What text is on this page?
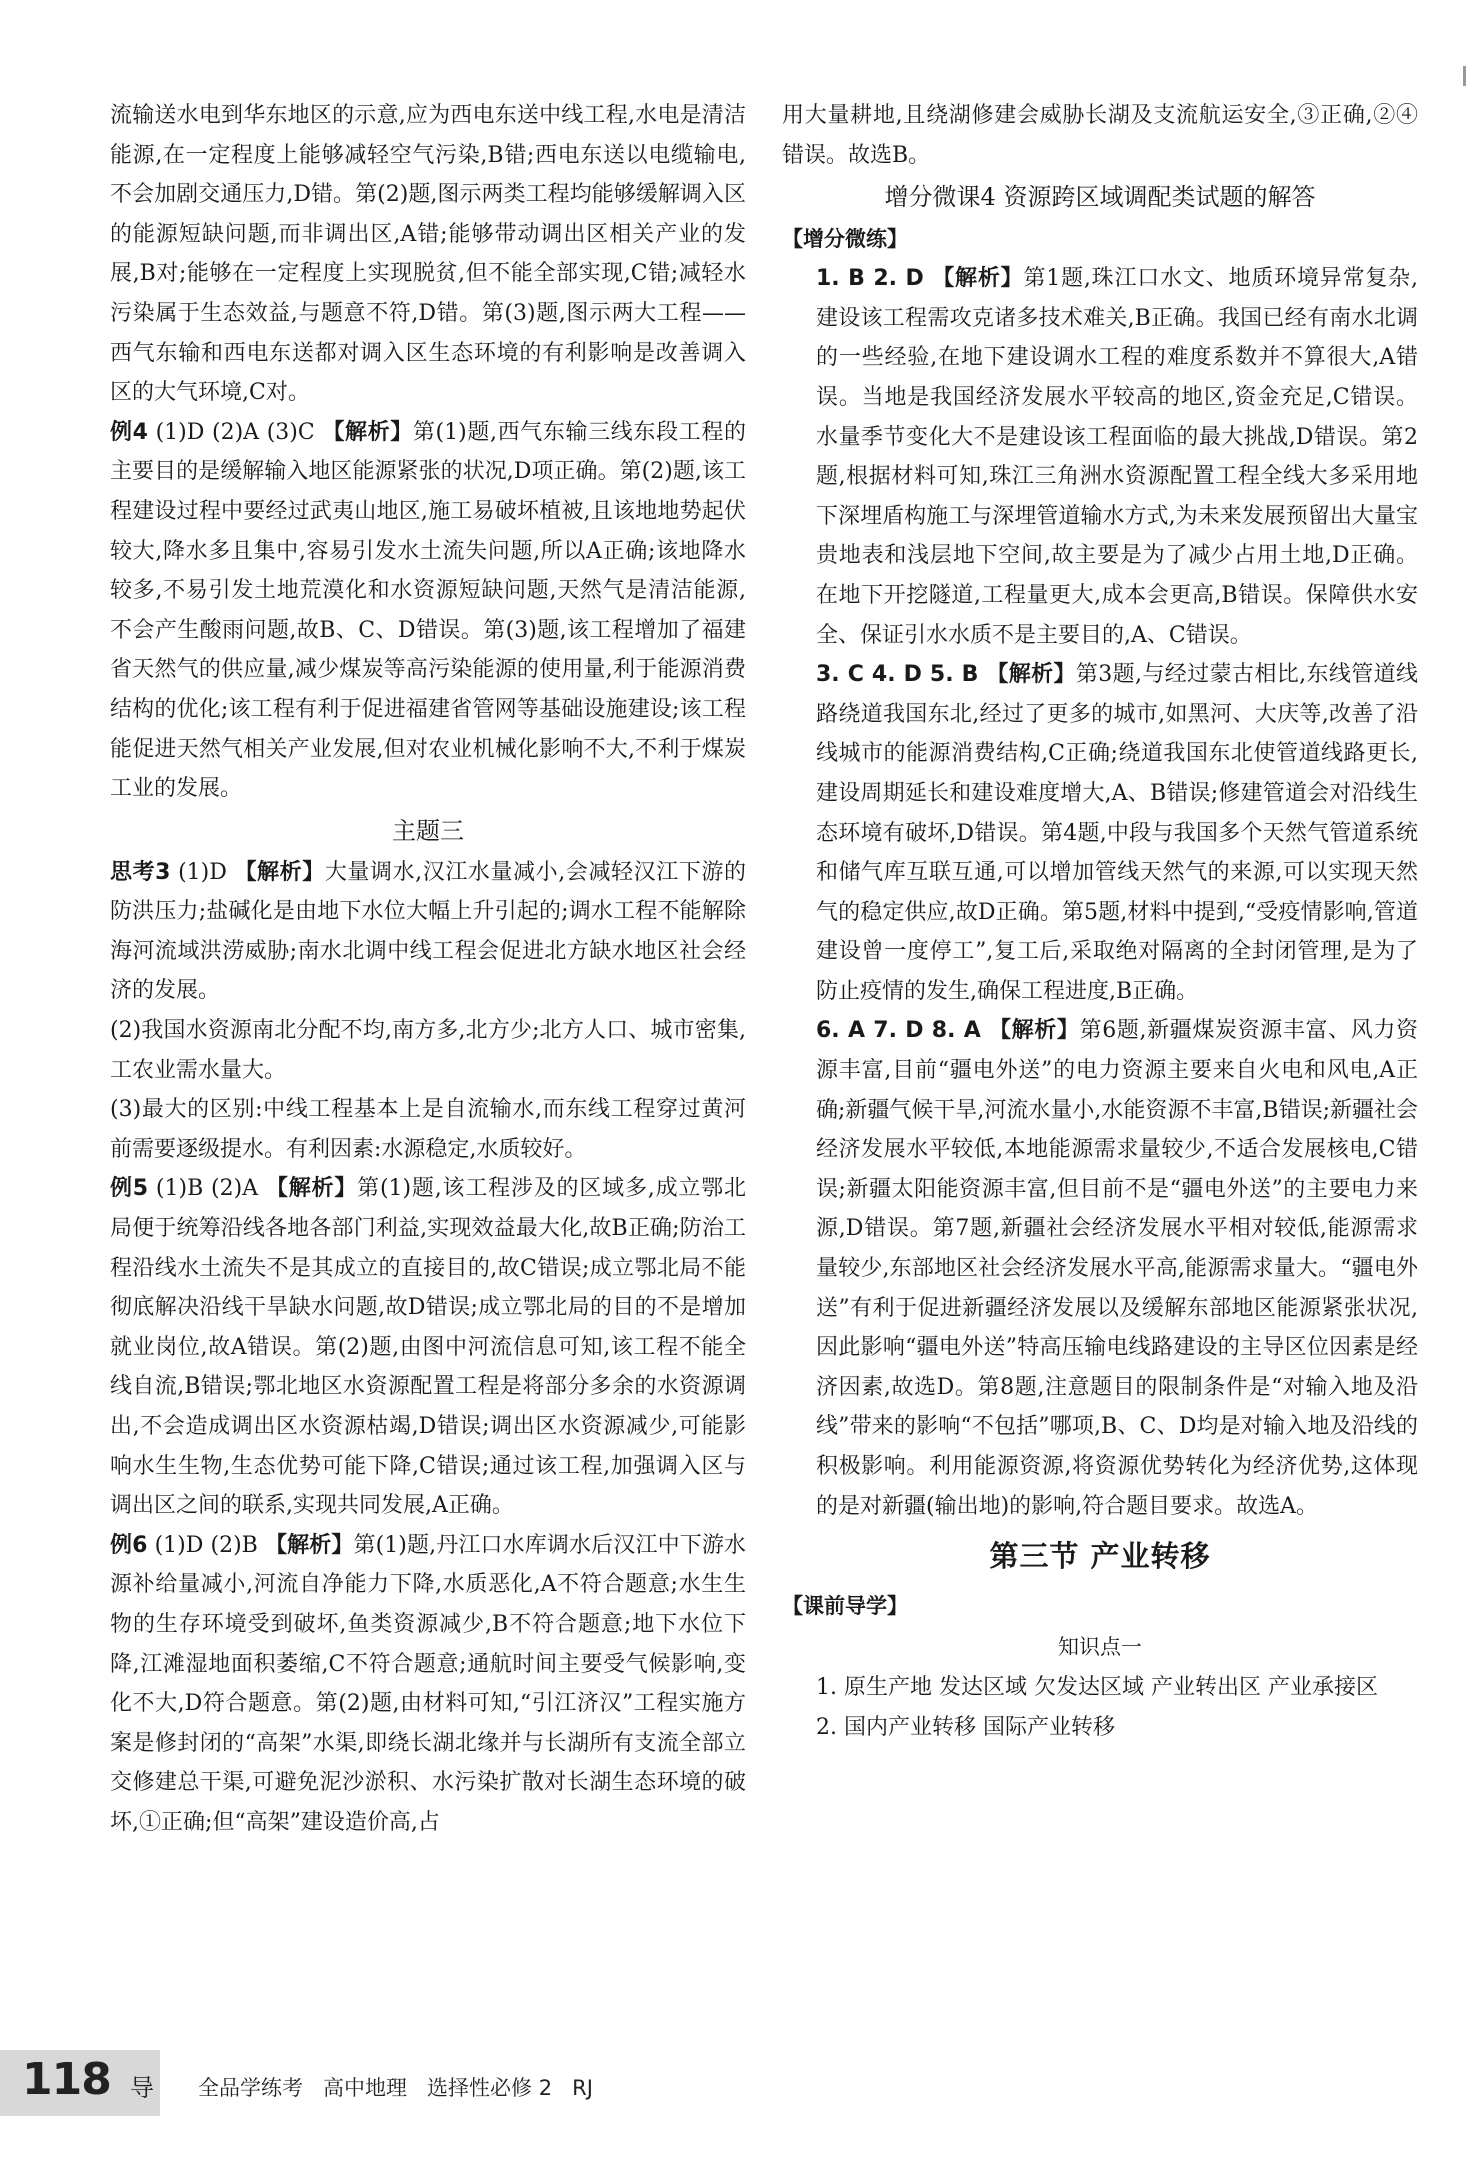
流输送水电到华东地区的示意,应为西电东送中线工程,水电是清洁能源,在一定程度上能够减轻空气污染,B错;西电东送以电缆输电,不会加剧交通压力,D错。第(2)题,图示两类工程均能够缓解调入区的能源短缺问题,而非调出区,A错;能够带动调出区相关产业的发展,B对;能够在一定程度上实现脱贫,但不能全部实现,C错;减轻水污染属于生态效益,与题意不符,D错。第(3)题,图示两大工程——西气东输和西电东送都对调入区生态环境的有利影响是改善调入区的大气环境,C对。

例4 (1)D (2)A (3)C 【解析】第(1)题,西气东输三线东段工程的主要目的是缓解输入地区能源紧张的状况,D项正确。第(2)题,该工程建设过程中要经过武夷山地区,施工易破坏植被,且该地地势起伏较大,降水多且集中,容易引发水土流失问题,所以A正确;该地降水较多,不易引发土地荒漠化和水资源短缺问题,天然气是清洁能源,不会产生酸雨问题,故B、C、D错误。第(3)题,该工程增加了福建省天然气的供应量,减少煤炭等高污染能源的使用量,利于能源消费结构的优化;该工程有利于促进福建省管网等基础设施建设;该工程能促进天然气相关产业发展,但对农业机械化影响不大,不利于煤炭工业的发展。

主题三

思考3 (1)D 【解析】大量调水,汉江水量减小,会减轻汉江下游的防洪压力;盐碱化是由地下水位大幅上升引起的;调水工程不能解除海河流域洪涝威胁;南水北调中线工程会促进北方缺水地区社会经济的发展。

(2)我国水资源南北分配不均,南方多,北方少;北方人口、城市密集,工农业需水量大。

(3)最大的区别:中线工程基本上是自流输水,而东线工程穿过黄河前需要逐级提水。有利因素:水源稳定,水质较好。

例5 (1)B (2)A 【解析】第(1)题,该工程涉及的区域多,成立鄂北局便于统筹沿线各地各部门利益,实现效益最大化,故B正确;防治工程沿线水土流失不是其成立的直接目的,故C错误;成立鄂北局不能彻底解决沿线干旱缺水问题,故D错误;成立鄂北局的目的不是增加就业岗位,故A错误。第(2)题,由图中河流信息可知,该工程不能全线自流,B错误;鄂北地区水资源配置工程是将部分多余的水资源调出,不会造成调出区水资源枯竭,D错误;调出区水资源减少,可能影响水生生物,生态优势可能下降,C错误;通过该工程,加强调入区与调出区之间的联系,实现共同发展,A正确。

例6 (1)D (2)B 【解析】第(1)题,丹江口水库调水后汉江中下游水源补给量减小,河流自净能力下降,水质恶化,A不符合题意;水生生物的生存环境受到破坏,鱼类资源减少,B不符合题意;地下水位下降,江滩湿地面积萎缩,C不符合题意;通航时间主要受气候影响,变化不大,D符合题意。第(2)题,由材料可知,“引江济汉”工程实施方案是修封闭的“高架”水渠,即绕长湖北缘并与长湖所有支流全部立交修建总干渠,可避免泥沙淤积、水污染扩散对长湖生态环境的破坏,①正确;但“高架”建设造价高,占

用大量耕地,且绕湖修建会威胁长湖及支流航运安全,③正确,②④错误。故选B。

增分微课4 资源跨区域调配类试题的解答

【增分微练】

1. B 2. D 【解析】第1题,珠江口水文、地质环境异常复杂,建设该工程需攻克诸多技术难关,B正确。我国已经有南水北调的一些经验,在地下建设调水工程的难度系数并不算很大,A错误。当地是我国经济发展水平较高的地区,资金充足,C错误。水量季节变化大不是建设该工程面临的最大挑战,D错误。第2题,根据材料可知,珠江三角洲水资源配置工程全线大多采用地下深埋盾构施工与深埋管道输水方式,为未来发展预留出大量宝贵地表和浅层地下空间,故主要是为了减少占用土地,D正确。在地下开挖隧道,工程量更大,成本会更高,B错误。保障供水安全、保证引水水质不是主要目的,A、C错误。

3. C 4. D 5. B 【解析】第3题,与经过蒙古相比,东线管道线路绕道我国东北,经过了更多的城市,如黑河、大庆等,改善了沿线城市的能源消费结构,C正确;绕道我国东北使管道线路更长,建设周期延长和建设难度增大,A、B错误;修建管道会对沿线生态环境有破坏,D错误。第4题,中段与我国多个天然气管道系统和储气库互联互通,可以增加管线天然气的来源,可以实现天然气的稳定供应,故D正确。第5题,材料中提到,“受疫情影响,管道建设曾一度停工”,复工后,采取绝对隔离的全封闭管理,是为了防止疫情的发生,确保工程进度,B正确。

6. A 7. D 8. A 【解析】第6题,新疆煤炭资源丰富、风力资源丰富,目前“疆电外送”的电力资源主要来自火电和风电,A正确;新疆气候干旱,河流水量小,水能资源不丰富,B错误;新疆社会经济发展水平较低,本地能源需求量较少,不适合发展核电,C错误;新疆太阳能资源丰富,但目前不是“疆电外送”的主要电力来源,D错误。第7题,新疆社会经济发展水平相对较低,能源需求量较少,东部地区社会经济发展水平高,能源需求量大。“疆电外送”有利于促进新疆经济发展以及缓解东部地区能源紧张状况,因此影响“疆电外送”特高压输电线路建设的主导区位因素是经济因素,故选D。第8题,注意题目的限制条件是“对输入地及沿线”带来的影响“不包括”哪项,B、C、D均是对输入地及沿线的积极影响。利用能源资源,将资源优势转化为经济优势,这体现的是对新疆(输出地)的影响,符合题目要求。故选A。

第三节 产业转移

【课前导学】

知识点一

1. 原生产地 发达区域 欠发达区域 产业转出区 产业承接区

2. 国内产业转移 国际产业转移

118 导 全品学练考   高中地理   选择性必修 2   RJ
